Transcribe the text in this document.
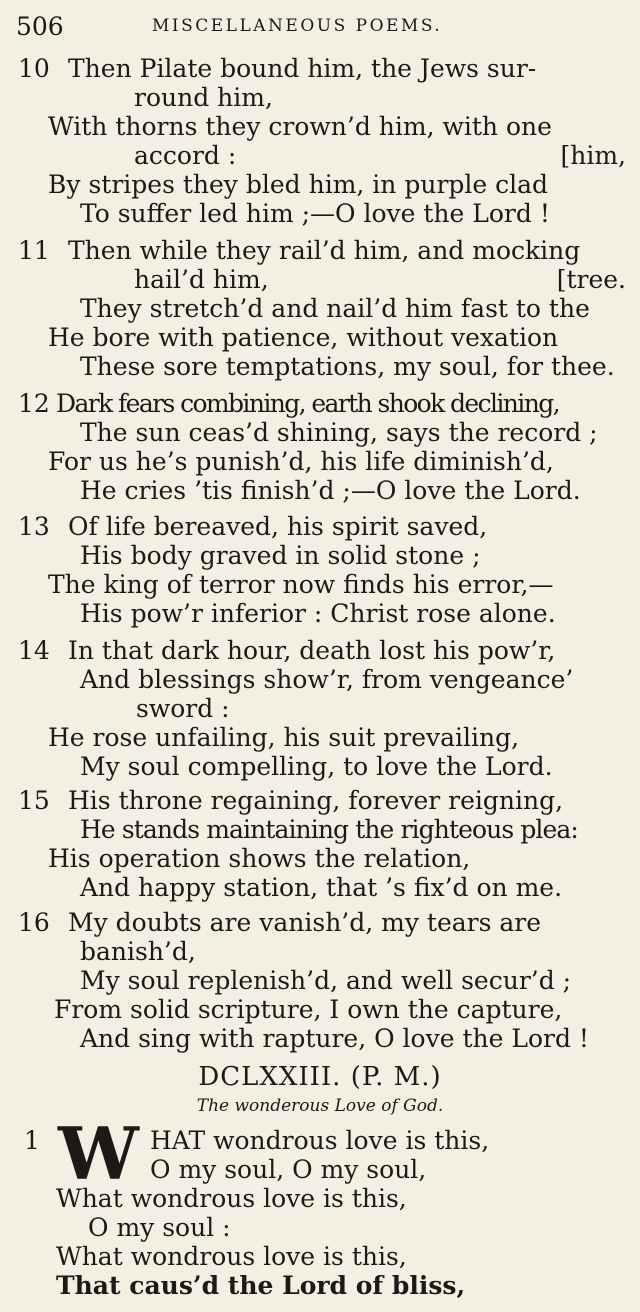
506	MISCELLANEOUS POEMS.
10 Then Pilate bound him, the Jews sur-
round him,
With thorns they crown’d him, with one
accord :	[him,
By stripes they bled him, in purple clad
To suffer led him ;—O love the Lord !
11 Then while they rail’d him, and mocking
hail’d him,	[tree.
They stretch’d and nail’d him fast to the
He bore with patience, without vexation
These sore temptations, my soul, for thee.
12 Dark fears combining, earth shook declining,
The sun ceas’d shining, says the record ;
For us he’s punish’d, his life diminish’d,
He cries ’tis finish’d ;—O love the Lord.
13 Of life bereaved, his spirit saved,
His body graved in solid stone ;
The king of terror now finds his error,—
His pow’r inferior : Christ rose alone.
14 In that dark hour, death lost his pow’r,
And blessings show’r, from vengeance’
sword :
He rose unfailing, his suit prevailing,
My soul compelling, to love the Lord.
15 His throne regaining, forever reigning,
He stands maintaining the righteous plea:
His operation shows the relation,
And happy station, that ’s fix’d on me.
16 My doubts are vanish’d, my tears are
banish’d,
My soul replenish’d, and well secur’d ;
From solid scripture, I own the capture,
And sing with rapture, O love the Lord !
DCLXXIII. (P. M.)
The wonderous Love of God.
1 W HAT wondrous love is this,
O my soul, O my soul,
What wondrous love is this,
O my soul :
What wondrous love is this,
That caus’d the Lord of bliss,
